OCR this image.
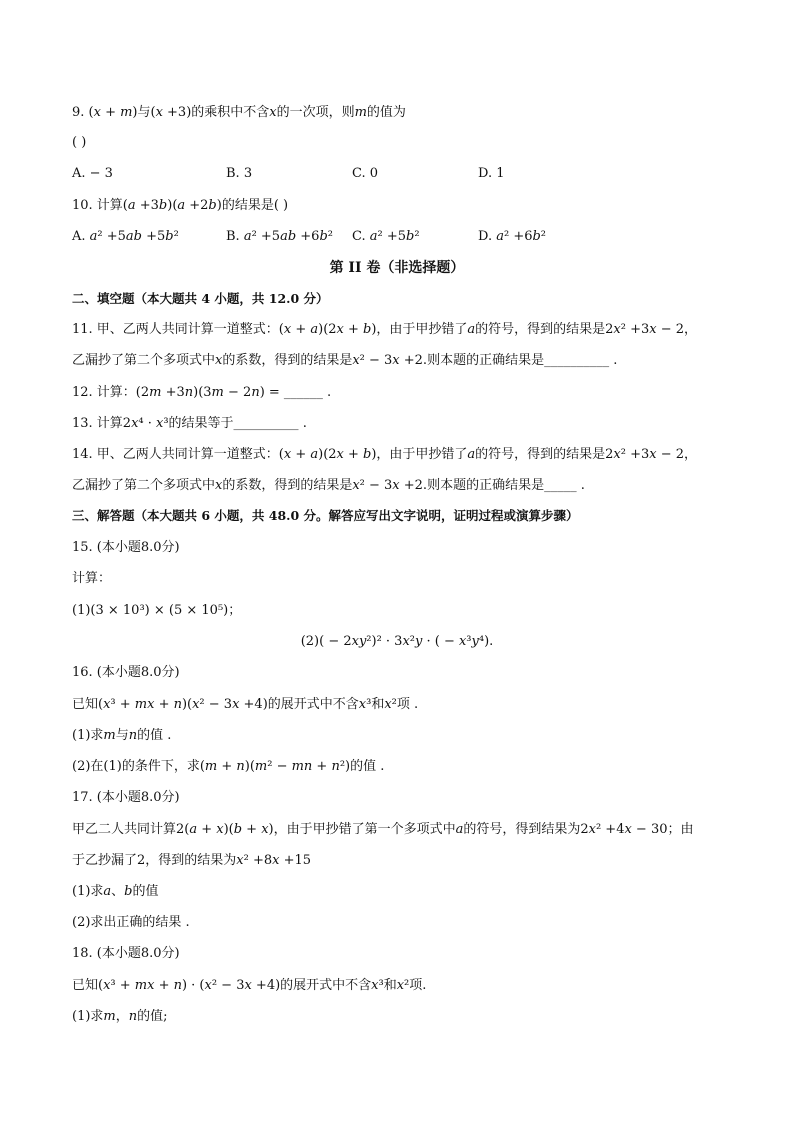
9. (𝑥 + 𝑚)与(𝑥 +3)的乘积中不含𝑥的一次项，则𝑚的值为
( )
A. − 3	B. 3	C. 0	D. 1
10. 计算(𝑎 +3𝑏)(𝑎 +2𝑏)的结果是( )
A. 𝑎² +5𝑎𝑏 +5𝑏²	B. 𝑎² +5𝑎𝑏 +6𝑏² C. 𝑎² +5𝑏²	D. 𝑎² +6𝑏²
第 II 卷（非选择题）
二、填空题（本大题共 4 小题，共 12.0 分）
11. 甲、乙两人共同计算一道整式：(𝑥 + 𝑎)(2𝑥 + 𝑏)，由于甲抄错了𝑎的符号，得到的结果是2𝑥² +3𝑥 − 2，
乙漏抄了第二个多项式中𝑥的系数，得到的结果是𝑥² − 3𝑥 +2.则本题的正确结果是__________ .
12. 计算：(2𝑚 +3𝑛)(3𝑚 − 2𝑛) = ______ .
13. 计算2𝑥⁴ · 𝑥³的结果等于__________ .
14. 甲、乙两人共同计算一道整式：(𝑥 + 𝑎)(2𝑥 + 𝑏)，由于甲抄错了𝑎的符号，得到的结果是2𝑥² +3𝑥 − 2，
乙漏抄了第二个多项式中𝑥的系数，得到的结果是𝑥² − 3𝑥 +2.则本题的正确结果是_____ .
三、解答题（本大题共 6 小题，共 48.0 分。解答应写出文字说明，证明过程或演算步骤）
15. (本小题8.0分)
计算：
(1)(3 × 10³) × (5 × 10⁵)；
(2)( − 2𝑥𝑦²)² · 3𝑥²𝑦 · ( − 𝑥³𝑦⁴).
16. (本小题8.0分)
已知(𝑥³ + 𝑚𝑥 + 𝑛)(𝑥² − 3𝑥 +4)的展开式中不含𝑥³和𝑥²项 .
(1)求𝑚与𝑛的值 .
(2)在(1)的条件下，求(𝑚 + 𝑛)(𝑚² − 𝑚𝑛 + 𝑛²)的值 .
17. (本小题8.0分)
甲乙二人共同计算2(𝑎 + 𝑥)(𝑏 + 𝑥)，由于甲抄错了第一个多项式中𝑎的符号，得到结果为2𝑥² +4𝑥 − 30；由
于乙抄漏了2，得到的结果为𝑥² +8𝑥 +15
(1)求𝑎、𝑏的值
(2)求出正确的结果 .
18. (本小题8.0分)
已知(𝑥³ + 𝑚𝑥 + 𝑛) · (𝑥² − 3𝑥 +4)的展开式中不含𝑥³和𝑥²项.
(1)求𝑚，𝑛的值;
